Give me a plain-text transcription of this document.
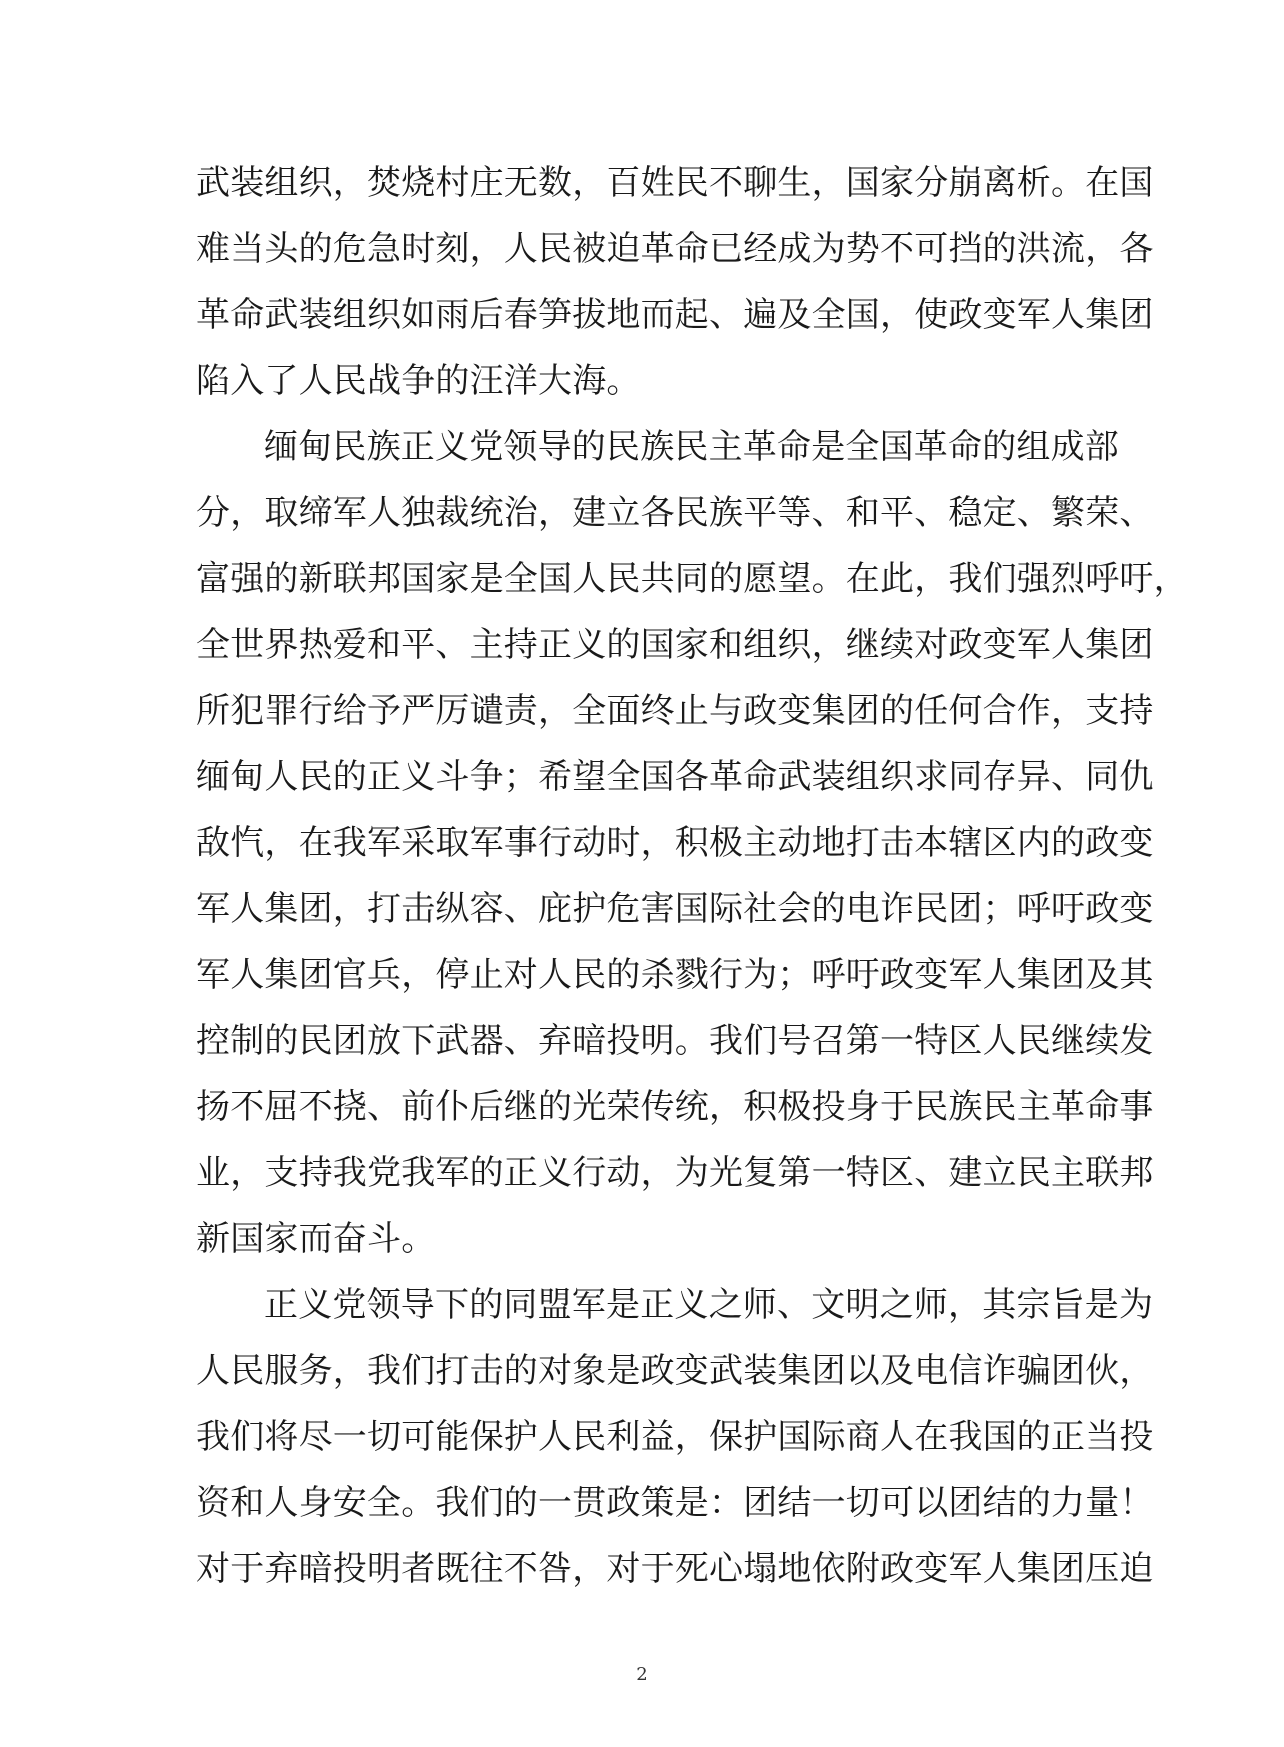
武装组织，焚烧村庄无数，百姓民不聊生，国家分崩离析。在国
难当头的危急时刻，人民被迫革命已经成为势不可挡的洪流，各
革命武装组织如雨后春笋拔地而起、遍及全国，使政变军人集团
陷入了人民战争的汪洋大海。
缅甸民族正义党领导的民族民主革命是全国革命的组成部
分，取缔军人独裁统治，建立各民族平等、和平、稳定、繁荣、
富强的新联邦国家是全国人民共同的愿望。在此，我们强烈呼吁，
全世界热爱和平、主持正义的国家和组织，继续对政变军人集团
所犯罪行给予严厉谴责，全面终止与政变集团的任何合作，支持
缅甸人民的正义斗争；希望全国各革命武装组织求同存异、同仇
敌忾，在我军采取军事行动时，积极主动地打击本辖区内的政变
军人集团，打击纵容、庇护危害国际社会的电诈民团；呼吁政变
军人集团官兵，停止对人民的杀戮行为；呼吁政变军人集团及其
控制的民团放下武器、弃暗投明。我们号召第一特区人民继续发
扬不屈不挠、前仆后继的光荣传统，积极投身于民族民主革命事
业，支持我党我军的正义行动，为光复第一特区、建立民主联邦
新国家而奋斗。
正义党领导下的同盟军是正义之师、文明之师，其宗旨是为
人民服务，我们打击的对象是政变武装集团以及电信诈骗团伙，
我们将尽一切可能保护人民利益，保护国际商人在我国的正当投
资和人身安全。我们的一贯政策是：团结一切可以团结的力量！
对于弃暗投明者既往不咎，对于死心塌地依附政变军人集团压迫
2
